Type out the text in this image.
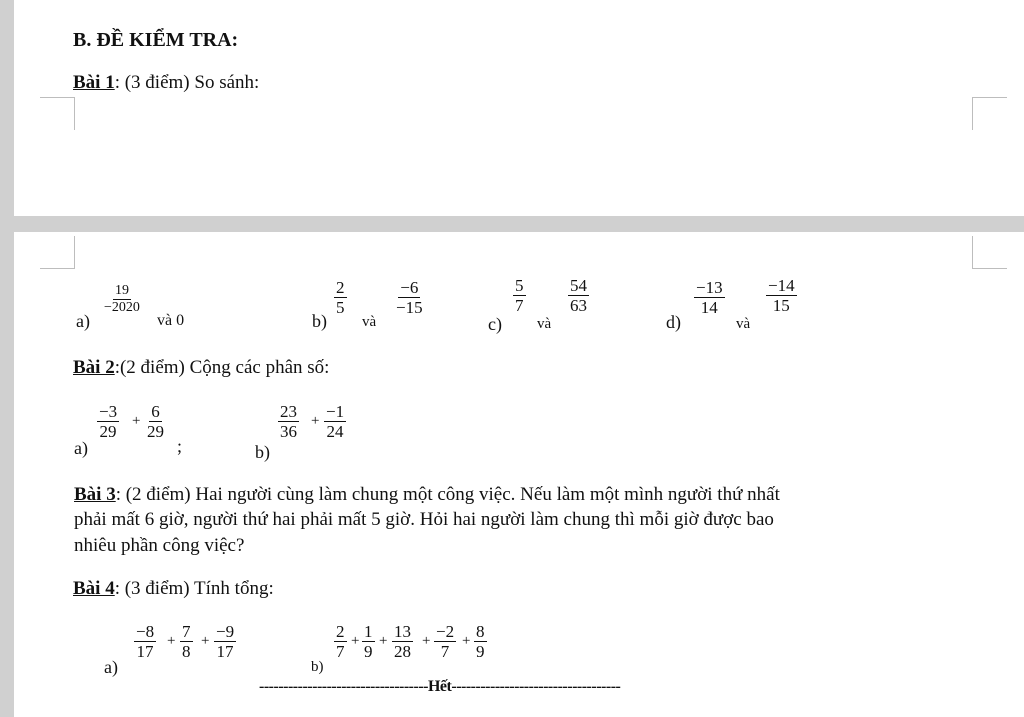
B. ĐỀ KIỂM TRA:
Bài 1: (3 điểm) So sánh:
a)
$\frac{19}{-2020}$
và 0	b)
$\frac{2}{5}$
và
$\frac{-6}{-15}$
c)
$\frac{5}{7}$
và
$\frac{54}{63}$
d)
$\frac{-13}{14}$
và
$\frac{-14}{15}$
Bài 2:(2 điểm) Cộng các phân số:
a)
$\frac{-3}{29} + \frac{6}{29}$
;	b)
$\frac{23}{36} + \frac{-1}{24}$
Bài 3: (2 điểm) Hai người cùng làm chung một công việc. Nếu làm một mình người thứ nhất
phải mất 6 giờ, người thứ hai phải mất 5 giờ. Hỏi hai người làm chung thì mỗi giờ được bao
nhiêu phần công việc?
Bài 4: (3 điểm) Tính tổng:
a)
$\frac{-8}{17} + \frac{7}{8} + \frac{-9}{17}$
b)
$\frac{2}{7} + \frac{1}{9} + \frac{13}{28} + \frac{-2}{7} + \frac{8}{9}$
-----------------------------------Hết-----------------------------------
